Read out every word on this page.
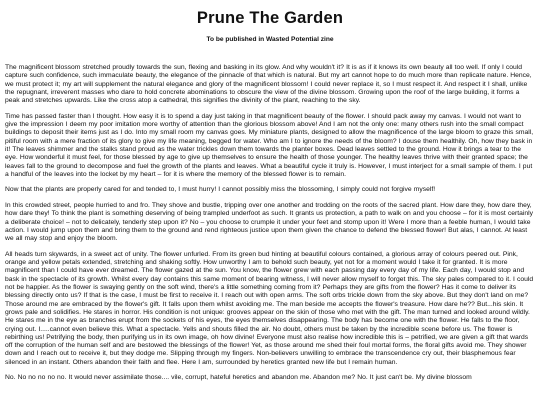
Prune The Garden
To be published in Wasted Potential zine

The magnificent blossom stretched proudly towards the sun, flexing and basking in its glow. And why wouldn't it? It is as if it knows its own beauty all too well. If only I could capture such confidence, such immaculate beauty, the elegance of the pinnacle of that which is natural. But my art cannot hope to do much more than replicate nature. Hence, we must protect it; my art will supplement the natural elegance and glory of the magnificent blossom! I could never replace it, so I must respect it. And respect it I shall, unlike the repugnant, irreverent masses who dare to hold concrete abominations to obscure the view of the divine blossom. Growing upon the roof of the large building, it forms a peak and stretches upwards. Like the cross atop a cathedral, this signifies the divinity of the plant, reaching to the sky.

Time has passed faster than I thought. How easy it is to spend a day just taking in that magnificent beauty of the flower. I should pack away my canvas. I would not want to give the impression I deem my poor imitation more worthy of attention than the glorious blossom above! And I am not the only one: many others rush into the small compact buildings to deposit their items just as I do. Into my small room my canvas goes. My miniature plants, designed to allow the magnificence of the large bloom to graze this small, pitiful room with a mere fraction of its glory to give my life meaning, begged for water. Who am I to ignore the needs of the bloom? I douse them healthily. Oh, how they bask in it! The leaves shimmer and the stalks stand proud as the water trickles down them towards the planter boxes. Dead leaves settled to the ground. How it brings a tear to the eye. How wonderful it must feel, for those blessed by age to give up themselves to ensure the health of those younger. The healthy leaves thrive with their granted space; the leaves fall to the ground to decompose and fuel the growth of the plants and leaves. What a beautiful cycle it truly is. However, I must interject for a small sample of them. I put a handful of the leaves into the locket by my heart – for it is where the memory of the blessed flower is to remain.

Now that the plants are properly cared for and tended to, I must hurry! I cannot possibly miss the blossoming, I simply could not forgive myself!

In this crowded street, people hurried to and fro. They shove and bustle, tripping over one another and trodding on the roots of the sacred plant. How dare they, how dare they, how dare they! To think the plant is something deserving of being trampled underfoot as such. It grants us protection, a path to walk on and you choose – for it is most certainly a deliberate choice! – not to delicately, tenderly step upon it? No – you choose to crumple it under your feet and stomp upon it! Were I more than a feeble human, I would take action. I would jump upon them and bring them to the ground and rend righteous justice upon them given the chance to defend the blessed flower! But alas, I cannot. At least we all may stop and enjoy the bloom.

All heads turn skywards, in a sweet act of unity. The flower unfurled. From its green bud hinting at beautiful colours contained, a glorious array of colours peered out. Pink, orange and yellow petals extended, stretching and shaking softly. How unworthy I am to behold such beauty, yet not for a moment would I take it for granted. It is more magnificent than I could have ever dreamed. The flower gazed at the sun. You know, the flower grew with each passing day every day of my life. Each day, I would stop and bask in the spectacle of its growth. Whilst every day contains this same moment of bearing witness, I will never allow myself to forget this. The sky pales compared to it. I could not be happier. As the flower is swaying gently on the soft wind, there's a little something coming from it? Perhaps they are gifts from the flower? Has it come to deliver its blessing directly onto us? If that is the case, I must be first to receive it. I reach out with open arms. The soft orbs trickle down from the sky above. But they don't land on me? Those around me are embraced by the flower's gift. It falls upon them whilst avoiding me. The man beside me accepts the flower's treasure. How dare he?? But...his skin. It grows pale and solidifies. He stares in horror. His condition is not unique: grooves appear on the skin of those who met with the gift. The man turned and looked around wildly. He stares me in the eye as branches erupt from the sockets of his eyes, the eyes themselves disappearing. The body has become one with the flower. He falls to the floor, crying out. I.....cannot even believe this. What a spectacle. Yells and shouts filled the air. No doubt, others must be taken by the incredible scene before us. The flower is rebirthing us! Petrifying the body, then purifying us in its own image, oh how divine! Everyone must also realise how incredible this is – petrified, we are given a gift that wards off the corruption of the human self and are bestowed the blessings of the flower! Yet, as those around me shed their foul mortal forms, the floral gifts avoid me. They shower down and I reach out to receive it, but they dodge me. Slipping through my fingers. Non-believers unwilling to embrace the transcendence cry out, their blasphemous fear silenced in an instant. Others abandon their faith and flee. Here I am, surrounded by heretics granted new life but I remain human.

No. No no no no no. It would never assimilate those.... vile, corrupt, hateful heretics and abandon me. Abandon me? No. It just can't be. My divine blossom
